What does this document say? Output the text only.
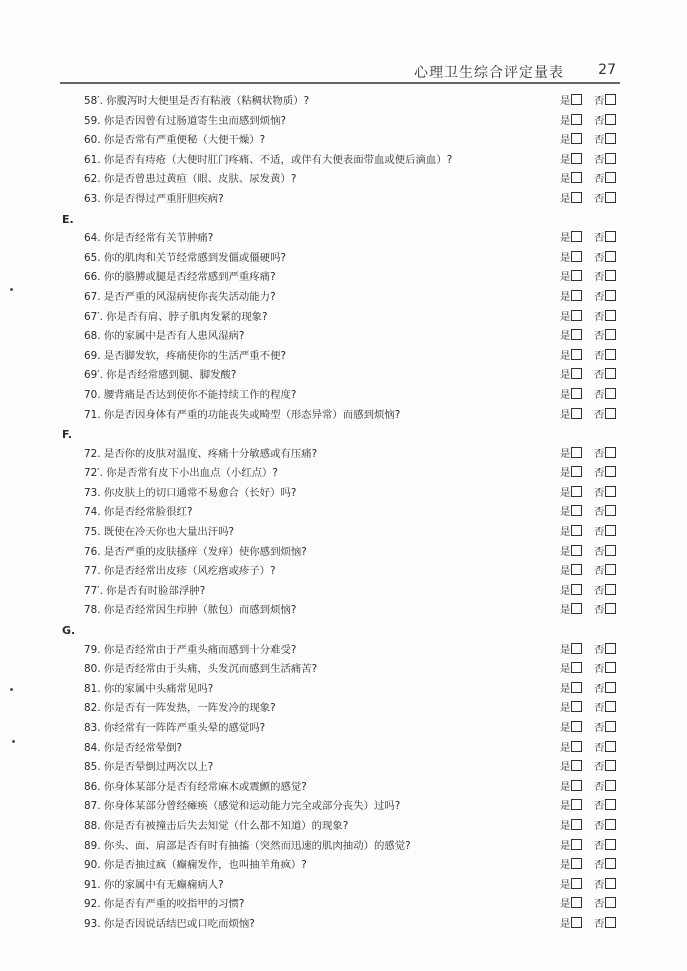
心理卫生综合评定量表 27
58′. 你腹泻时大便里是否有粘液（粘稠状物质）?	是	否
59. 你是否因曾有过肠道寄生虫而感到烦恼?	是	否
60. 你是否常有严重便秘（大便干燥）?	是	否
61. 你是否有痔疮（大便时肛门疼痛、不适，或伴有大便表面带血或便后滴血）?	是	否
62. 你是否曾患过黄疸（眼、皮肤、尿发黄）?	是	否
63. 你是否得过严重肝胆疾病?	是	否
E.
64. 你是否经常有关节肿痛?	是	否
65. 你的肌肉和关节经常感到发僵或僵硬吗?	是	否
66. 你的胳膊或腿是否经常感到严重疼痛?	是	否
67. 是否严重的风湿病使你丧失活动能力?	是	否
67′. 你是否有肩、脖子肌肉发紧的现象?	是	否
68. 你的家属中是否有人患风湿病?	是	否
69. 是否脚发软，疼痛使你的生活严重不便?	是	否
69′. 你是否经常感到腿、脚发酸?	是	否
70. 腰背痛是否达到使你不能持续工作的程度?	是	否
71. 你是否因身体有严重的功能丧失或畸型（形态异常）而感到烦恼?	是	否
F.
72. 是否你的皮肤对温度、疼痛十分敏感或有压痛?	是	否
72′. 你是否常有皮下小出血点（小红点）?	是	否
73. 你皮肤上的切口通常不易愈合（长好）吗?	是	否
74. 你是否经常脸很红?	是	否
75. 既使在冷天你也大量出汗吗?	是	否
76. 是否严重的皮肤搔痒（发痒）使你感到烦恼?	是	否
77. 你是否经常出皮疹（风疙瘩或疹子）?	是	否
77′. 你是否有时脸部浮肿?	是	否
78. 你是否经常因生疖肿（脓包）而感到烦恼?	是	否
G.
79. 你是否经常由于严重头痛而感到十分难受?	是	否
80. 你是否经常由于头痛，头发沉而感到生活痛苦?	是	否
81. 你的家属中头痛常见吗?	是	否
82. 你是否有一阵发热，一阵发冷的现象?	是	否
83. 你经常有一阵阵严重头晕的感觉吗?	是	否
84. 你是否经常晕倒?	是	否
85. 你是否晕倒过两次以上?	是	否
86. 你身体某部分是否有经常麻木或震颤的感觉?	是	否
87. 你身体某部分曾经瘫痪（感觉和运动能力完全或部分丧失）过吗?	是	否
88. 你是否有被撞击后失去知觉（什么都不知道）的现象?	是	否
89. 你头、面、肩部是否有时有抽搐（突然而迅速的肌肉抽动）的感觉?	是	否
90. 你是否抽过疯（癫痫发作，也叫抽羊角疯）?	是	否
91. 你的家属中有无癫痫病人?	是	否
92. 你是否有严重的咬指甲的习惯?	是	否
93. 你是否因说话结巴或口吃而烦恼?	是	否
